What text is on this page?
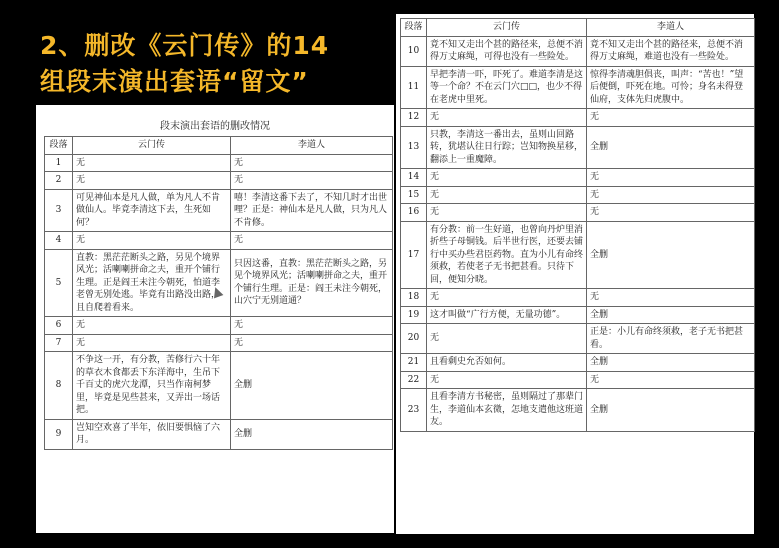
2、删改《云门传》的14
组段末演出套语“留文”
段末演出套语的删改情况
段落	云门传	李道人
1	无	无
2	无	无
3	可见神仙本是凡人做，单为凡人不肯做仙人。毕竟李清这下去，生死如何？	嘻！李清这番下去了，不知几时才出世哩？正是：神仙本是凡人做，只为凡人不肯修。
4	无	无
5	直教：黑茫茫断头之路，另见个境界风光；活喇喇拼命之夫，重开个铺行生理。正是阎王未注今朝死，怕道李老曾无别处逃。毕竟有出路没出路，且自爬着看来。	只因这番，直教：黑茫茫断头之路，另见个境界风光；活喇喇拼命之夫，重开个铺行生理。正是：阎王未注今朝死，山穴宁无别道通？
6	无	无
7	无	无
8	不争这一开，有分教，苦修行六十年的草衣木食都丢下东洋海中，生吊下千百丈的虎穴龙潭，只当作南柯梦里，毕竟是见些甚来，又弄出一场话把。	全删
9	岂知空欢喜了半年，依旧要惧恼了六月。	全删
段落	云门传	李道人
10	竟不知又走出个甚的路径来，总便不消得万丈麻绳，可得也没有一些险处。	竟不知又走出个甚的路径来，总便不消得万丈麻绳，难道也没有一些险处。
11	早把李清一吓，吓死了。难道李清是这等一个命？不在云门穴□□，也少不得在老虎中里死。	惊得李清魂胆俱丧，叫声：“苦也！”望后便倒，吓死在地。可怜；身名未得登仙府，支体先归虎腹中。
12	无	无
13	只教，李清这一番出去，虽则山回路转，犹堪认往日行踪；岂知物换星移，翻添上一重魔障。	全删
14	无	无
15	无	无
16	无	无
17	有分教：前一生好道，也曾向丹炉里消折些子母铜钱。后半世行医，还要去铺行中买办些君臣药物。直为小儿有命终须救，若使老子无书把甚看。只待下回，便知分晓。	全删
18	无	无
19	这才叫做“广行方便，无量功德”。	全删
20	无	正是：小儿有命终须救，老子无书把甚看。
21	且看剩史允否如何。	全删
22	无	无
23	且看李清方书秘密，虽则隔过了那辈门生，李道仙本玄微，怎地支遣他这班道友。	全删
